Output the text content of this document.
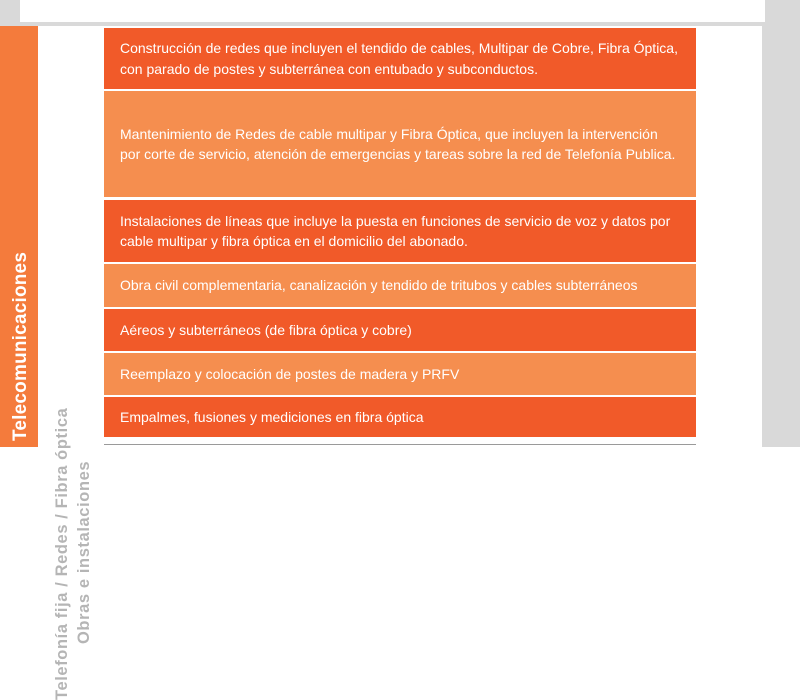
Telecomunicaciones
Telefonía fija / Redes / Fibra óptica Obras e instalaciones
Construcción de redes que incluyen el tendido de cables, Multipar de Cobre, Fibra Óptica, con parado de postes y subterránea con entubado y subconductos.
Mantenimiento de Redes de cable multipar y Fibra Óptica, que incluyen la intervención por corte de servicio, atención de emergencias y tareas sobre la red de Telefonía Publica.
Instalaciones de líneas que incluye la puesta en funciones de servicio de voz y datos por cable multipar y fibra óptica en el domicilio del abonado.
Obra civil complementaria, canalización y tendido de tritubos y cables subterráneos
Aéreos y subterráneos (de fibra óptica y cobre)
Reemplazo y colocación de postes de madera y PRFV
Empalmes, fusiones y mediciones en fibra óptica
